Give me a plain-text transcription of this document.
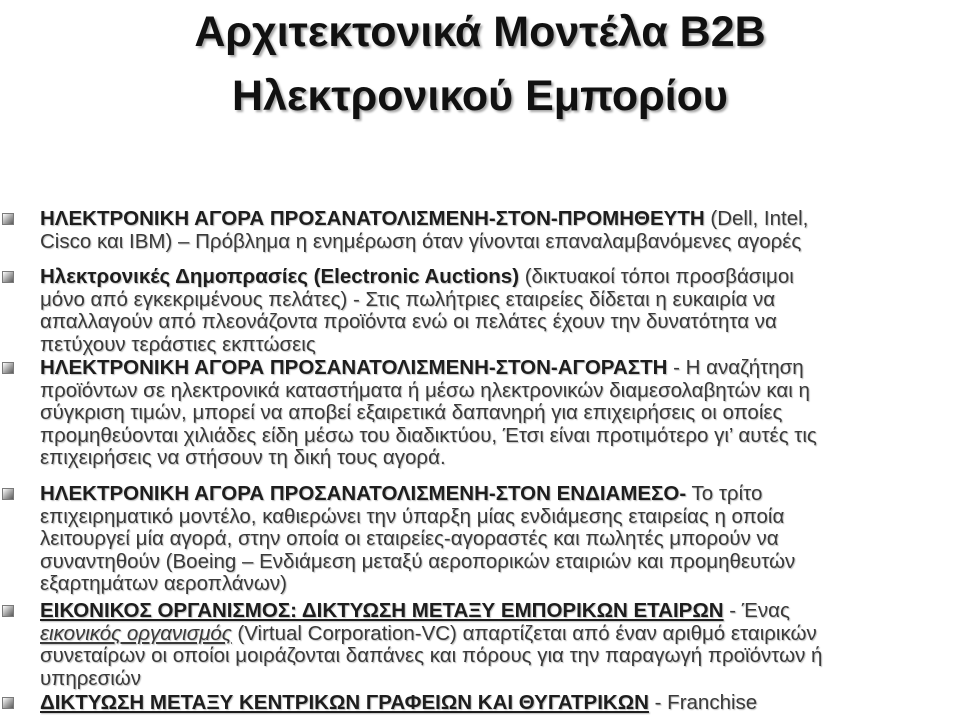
Αρχιτεκτονικά Μοντέλα Β2Β
Ηλεκτρονικού Εμπορίου
ΗΛΕΚΤΡΟΝΙΚΗ ΑΓΟΡΑ ΠΡΟΣΑΝΑΤΟΛΙΣΜΕΝΗ-ΣΤΟΝ-ΠΡΟΜΗΘΕΥΤΗ (Dell, Intel,
Cisco και IBM) – Πρόβλημα η ενημέρωση όταν γίνονται επαναλαμβανόμενες αγορές
Ηλεκτρονικές Δημοπρασίες (Electronic Auctions) (δικτυακοί τόποι προσβάσιμοι
μόνο από εγκεκριμένους πελάτες) - Στις πωλήτριες εταιρείες δίδεται η ευκαιρία να
απαλλαγούν από πλεονάζοντα προϊόντα ενώ οι πελάτες έχουν την δυνατότητα να
πετύχουν τεράστιες εκπτώσεις
ΗΛΕΚΤΡΟΝΙΚΗ ΑΓΟΡΑ ΠΡΟΣΑΝΑΤΟΛΙΣΜΕΝΗ-ΣΤΟΝ-ΑΓΟΡΑΣΤΗ - Η αναζήτηση
προϊόντων σε ηλεκτρονικά καταστήματα ή μέσω ηλεκτρονικών διαμεσολαβητών και η
σύγκριση τιμών, μπορεί να αποβεί εξαιρετικά δαπανηρή για επιχειρήσεις οι οποίες
προμηθεύονται χιλιάδες είδη μέσω του διαδικτύου, Έτσι είναι προτιμότερο γι’ αυτές τις
επιχειρήσεις να στήσουν τη δική τους αγορά.
ΗΛΕΚΤΡΟΝΙΚΗ ΑΓΟΡΑ ΠΡΟΣΑΝΑΤΟΛΙΣΜΕΝΗ-ΣΤΟΝ ΕΝΔΙΑΜΕΣΟ- Το τρίτο
επιχειρηματικό μοντέλο, καθιερώνει την ύπαρξη μίας ενδιάμεσης εταιρείας η οποία
λειτουργεί μία αγορά, στην οποία οι εταιρείες-αγοραστές και πωλητές μπορούν να
συναντηθούν (Boeing – Ενδιάμεση μεταξύ αεροπορικών εταιριών και προμηθευτών
εξαρτημάτων αεροπλάνων)
ΕΙΚΟΝΙΚΟΣ ΟΡΓΑΝΙΣΜΟΣ: ΔΙΚΤΥΩΣΗ ΜΕΤΑΞΥ ΕΜΠΟΡΙΚΩΝ ΕΤΑΙΡΩΝ - Ένας
εικονικός οργανισμός (Virtual Corporation-VC) απαρτίζεται από έναν αριθμό εταιρικών
συνεταίρων οι οποίοι μοιράζονται δαπάνες και πόρους για την παραγωγή προϊόντων ή
υπηρεσιών
ΔΙΚΤΥΩΣΗ ΜΕΤΑΞΥ ΚΕΝΤΡΙΚΩΝ ΓΡΑΦΕΙΩΝ ΚΑΙ ΘΥΓΑΤΡΙΚΩΝ - Franchise
